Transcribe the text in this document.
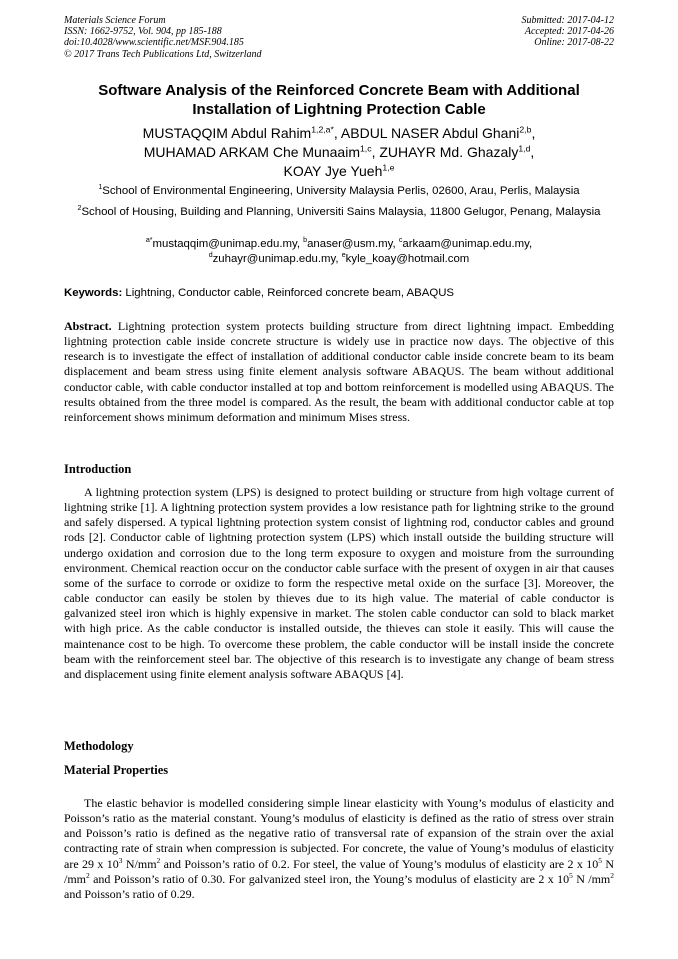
Materials Science Forum
ISSN: 1662-9752, Vol. 904, pp 185-188
doi:10.4028/www.scientific.net/MSF.904.185
© 2017 Trans Tech Publications Ltd, Switzerland
Submitted: 2017-04-12
Accepted: 2017-04-26
Online: 2017-08-22
Software Analysis of the Reinforced Concrete Beam with Additional
Installation of Lightning Protection Cable
MUSTAQQIM Abdul Rahim$^{1,2,a*}$, ABDUL NASER Abdul Ghani$^{2,b}$,
MUHAMAD ARKAM Che Munaaim$^{1,c}$, ZUHAYR Md. Ghazaly$^{1,d}$,
KOAY Jye Yueh$^{1,e}$
$^1$School of Environmental Engineering, University Malaysia Perlis, 02600, Arau, Perlis, Malaysia
$^2$School of Housing, Building and Planning, Universiti Sains Malaysia, 11800 Gelugor, Penang, Malaysia
$^{a*}$mustaqqim@unimap.edu.my, $^b$anaser@usm.my, $^c$arkaam@unimap.edu.my,
$^d$zuhayr@unimap.edu.my, $^e$kyle_koay@hotmail.com
Keywords: Lightning, Conductor cable, Reinforced concrete beam, ABAQUS
Abstract. Lightning protection system protects building structure from direct lightning impact. Embedding lightning protection cable inside concrete structure is widely use in practice now days. The objective of this research is to investigate the effect of installation of additional conductor cable inside concrete beam to its beam displacement and beam stress using finite element analysis software ABAQUS. The beam without additional conductor cable, with cable conductor installed at top and bottom reinforcement is modelled using ABAQUS. The results obtained from the three model is compared. As the result, the beam with additional conductor cable at top reinforcement shows minimum deformation and minimum Mises stress.
Introduction
A lightning protection system (LPS) is designed to protect building or structure from high voltage current of lightning strike [1]. A lightning protection system provides a low resistance path for lightning strike to the ground and safely dispersed. A typical lightning protection system consist of lightning rod, conductor cables and ground rods [2]. Conductor cable of lightning protection system (LPS) which install outside the building structure will undergo oxidation and corrosion due to the long term exposure to oxygen and moisture from the surrounding environment. Chemical reaction occur on the conductor cable surface with the present of oxygen in air that causes some of the surface to corrode or oxidize to form the respective metal oxide on the surface [3]. Moreover, the cable conductor can easily be stolen by thieves due to its high value. The material of cable conductor is galvanized steel iron which is highly expensive in market. The stolen cable conductor can sold to black market with high price. As the cable conductor is installed outside, the thieves can stole it easily. This will cause the maintenance cost to be high. To overcome these problem, the cable conductor will be install inside the concrete beam with the reinforcement steel bar. The objective of this research is to investigate any change of beam stress and displacement using finite element analysis software ABAQUS [4].
Methodology
Material Properties
The elastic behavior is modelled considering simple linear elasticity with Young’s modulus of elasticity and Poisson’s ratio as the material constant. Young’s modulus of elasticity is defined as the ratio of stress over strain and Poisson’s ratio is defined as the negative ratio of transversal rate of expansion of the strain over the axial contracting rate of strain when compression is subjected. For concrete, the value of Young’s modulus of elasticity are 29 x $10^3$ $N/mm^2$ and Poisson’s ratio of 0.2. For steel, the value of Young’s modulus of elasticity are 2 x $10^5$ N $/mm^2$ and Poisson’s ratio of 0.30. For galvanized steel iron, the Young’s modulus of elasticity are 2 x $10^5$ N $/mm^2$ and Poisson’s ratio of 0.29.
